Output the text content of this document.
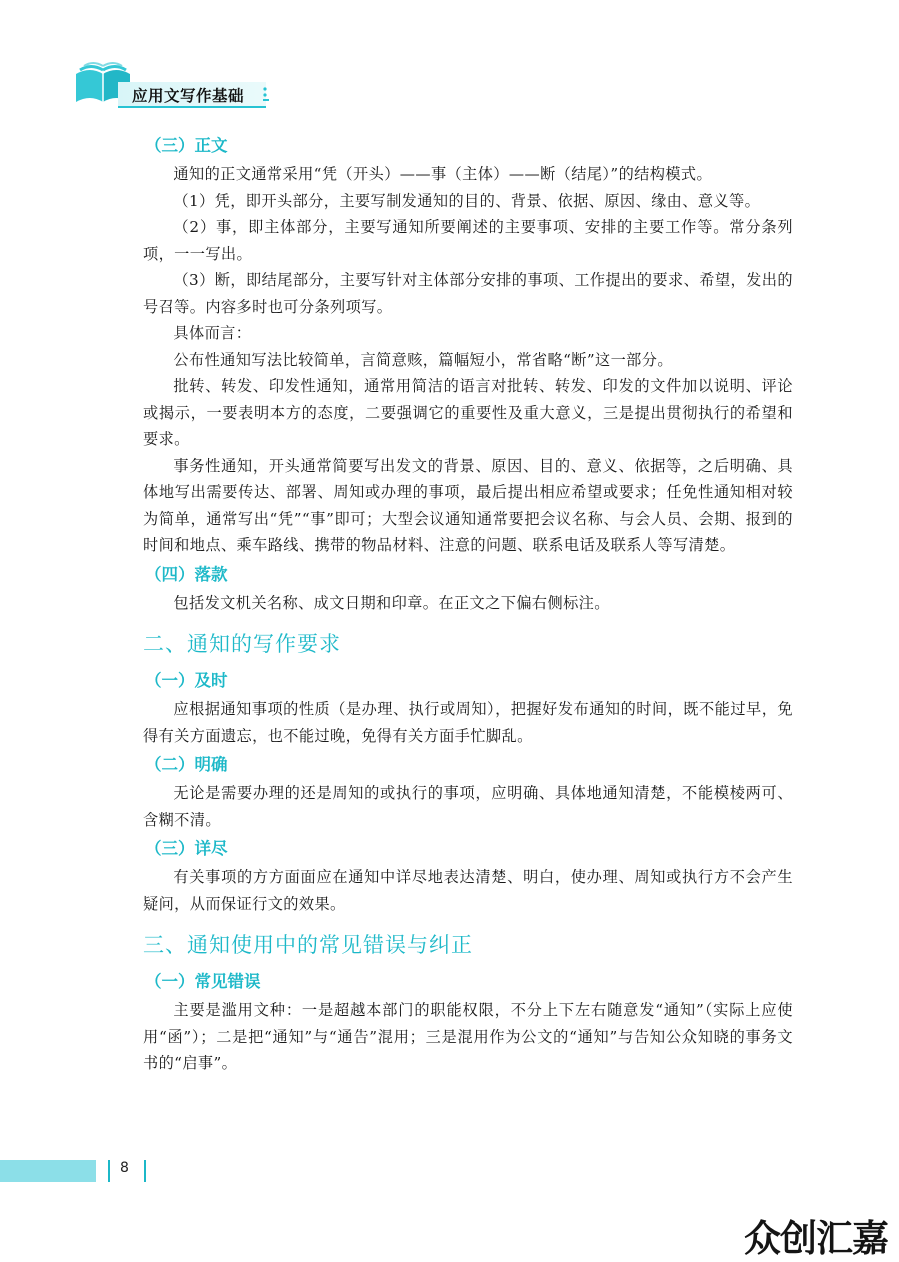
应用文写作基础
（三）正文

通知的正文通常采用“凭（开头）——事（主体）——断（结尾）”的结构模式。

（1）凭，即开头部分，主要写制发通知的目的、背景、依据、原因、缘由、意义等。

（2）事，即主体部分，主要写通知所要阐述的主要事项、安排的主要工作等。常分条列项，一一写出。

（3）断，即结尾部分，主要写针对主体部分安排的事项、工作提出的要求、希望，发出的号召等。内容多时也可分条列项写。

具体而言：

公布性通知写法比较简单，言简意赅，篇幅短小，常省略“断”这一部分。

批转、转发、印发性通知，通常用简洁的语言对批转、转发、印发的文件加以说明、评论或揭示，一要表明本方的态度，二要强调它的重要性及重大意义，三是提出贯彻执行的希望和要求。

事务性通知，开头通常简要写出发文的背景、原因、目的、意义、依据等，之后明确、具体地写出需要传达、部署、周知或办理的事项，最后提出相应希望或要求；任免性通知相对较为简单，通常写出“凭”“事”即可；大型会议通知通常要把会议名称、与会人员、会期、报到的时间和地点、乘车路线、携带的物品材料、注意的问题、联系电话及联系人等写清楚。

（四）落款

包括发文机关名称、成文日期和印章。在正文之下偏右侧标注。

二、通知的写作要求
（一）及时

应根据通知事项的性质（是办理、执行或周知），把握好发布通知的时间，既不能过早，免得有关方面遗忘，也不能过晚，免得有关方面手忙脚乱。

（二）明确

无论是需要办理的还是周知的或执行的事项，应明确、具体地通知清楚，不能模棱两可、含糊不清。

（三）详尽

有关事项的方方面面应在通知中详尽地表达清楚、明白，使办理、周知或执行方不会产生疑问，从而保证行文的效果。

三、通知使用中的常见错误与纠正
（一）常见错误

主要是滥用文种：一是超越本部门的职能权限，不分上下左右随意发“通知”（实际上应使用“函”）；二是把“通知”与“通告”混用；三是混用作为公文的“通知”与告知公众知晓的事务文书的“启事”。

8
众创汇嘉
